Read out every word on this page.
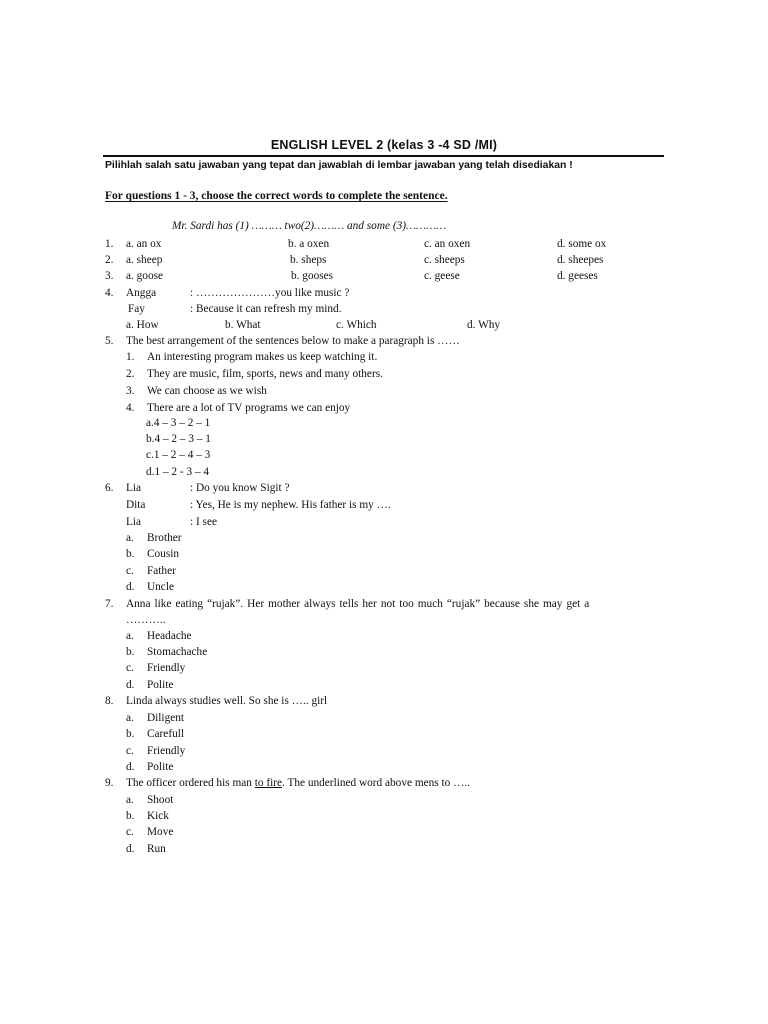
ENGLISH LEVEL 2 (kelas 3 -4 SD /MI)
Pilihlah salah satu jawaban yang tepat dan jawablah di lembar jawaban yang telah disediakan !
For questions 1 - 3, choose the correct words to complete the sentence.
Mr. Sardi has (1) ……… two(2)……… and some (3)…………
1. a. an ox	b. a oxen	c. an oxen	d. some ox
2. a. sheep	b. sheps	c. sheeps	d. sheepes
3. a. goose	b. gooses	c. geese	d. geeses
4. Angga	: …………………you like music ?
Fay	: Because it can refresh my mind.
a. How	b. What	c. Which	d. Why
5. The best arrangement of the sentences below to make a paragraph is ……
1. An interesting program makes us keep watching it.
2. They are music, film, sports, news and many others.
3. We can choose as we wish
4. There are a lot of TV programs we can enjoy
a.4 – 3 – 2 – 1
b.4 – 2 – 3 – 1
c.1 – 2 – 4 – 3
d.1 – 2 - 3 – 4
6. Lia	: Do you know Sigit ?
Dita	: Yes, He is my nephew. His father is my ….
Lia	: I see
a. Brother
b. Cousin
c. Father
d. Uncle
7. Anna like eating “rujak”. Her mother always tells her not too much “rujak” because she may get a
………..
a. Headache
b. Stomachache
c. Friendly
d. Polite
8. Linda always studies well. So she is ….. girl
a. Diligent
b. Carefull
c. Friendly
d. Polite
9. The officer ordered his man to fire. The underlined word above mens to …..
a. Shoot
b. Kick
c. Move
d. Run
